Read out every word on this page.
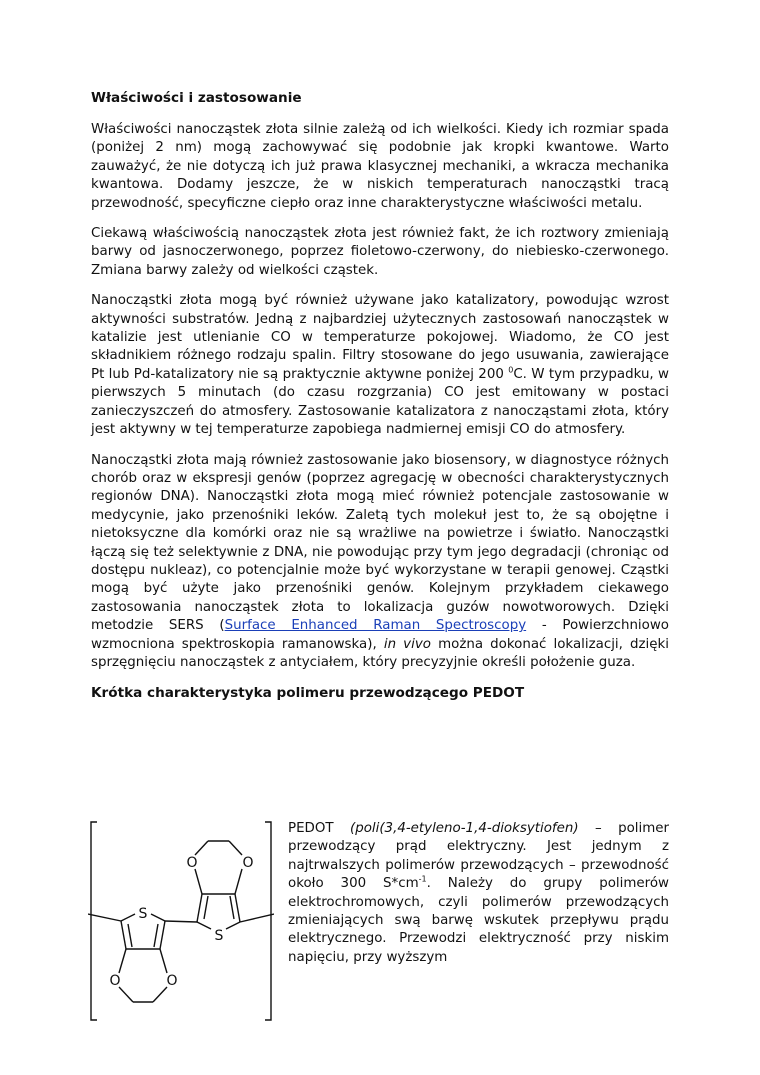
Właściwości i zastosowanie

Właściwości nanocząstek złota silnie zależą od ich wielkości. Kiedy ich rozmiar spada (poniżej 2 nm) mogą zachowywać się podobnie jak kropki kwantowe. Warto zauważyć, że nie dotyczą ich już prawa klasycznej mechaniki, a wkracza mechanika kwantowa. Dodamy jeszcze, że w niskich temperaturach nanocząstki tracą przewodność, specyficzne ciepło oraz inne charakterystyczne właściwości metalu.

Ciekawą właściwością nanocząstek złota jest również fakt, że ich roztwory zmieniają barwy od jasnoczerwonego, poprzez fioletowo-czerwony, do niebiesko-czerwonego. Zmiana barwy zależy od wielkości cząstek.

Nanocząstki złota mogą być również używane jako katalizatory, powodując wzrost aktywności substratów. Jedną z najbardziej użytecznych zastosowań nanocząstek w katalizie jest utlenianie CO w temperaturze pokojowej. Wiadomo, że CO jest składnikiem różnego rodzaju spalin. Filtry stosowane do jego usuwania, zawierające Pt lub Pd-katalizatory nie są praktycznie aktywne poniżej 200 $^0$C. W tym przypadku, w pierwszych 5 minutach (do czasu rozgrzania) CO jest emitowany w postaci zanieczyszczeń do atmosfery. Zastosowanie katalizatora z nanocząstami złota, który jest aktywny w tej temperaturze zapobiega nadmiernej emisji CO do atmosfery.

Nanocząstki złota mają również zastosowanie jako biosensory, w diagnostyce różnych chorób oraz w ekspresji genów (poprzez agregację w obecności charakterystycznych regionów DNA). Nanocząstki złota mogą mieć również potencjale zastosowanie w medycynie, jako przenośniki leków. Zaletą tych molekuł jest to, że są obojętne i nietoksyczne dla komórki oraz nie są wrażliwe na powietrze i światło. Nanocząstki łączą się też selektywnie z DNA, nie powodując przy tym jego degradacji (chroniąc od dostępu nukleaz), co potencjalnie może być wykorzystane w terapii genowej. Cząstki mogą być użyte jako przenośniki genów. Kolejnym przykładem ciekawego zastosowania nanocząstek złota to lokalizacja guzów nowotworowych. Dzięki metodzie SERS (Surface Enhanced Raman Spectroscopy - Powierzchniowo wzmocniona spektroskopia ramanowska), in vivo można dokonać lokalizacji, dzięki sprzęgnięciu nanocząstek z antyciałem, który precyzyjnie określi położenie guza.

Krótka charakterystyka polimeru przewodzącego PEDOT
S
S
O	O
O	O
PEDOT (poli(3,4-etyleno-1,4-dioksytiofen) – polimer przewodzący prąd elektryczny. Jest jednym z najtrwalszych polimerów przewodzących – przewodność około 300 $S*cm^{-1}$. Należy do grupy polimerów elektrochromowych, czyli polimerów przewodzących zmieniających swą barwę wskutek przepływu prądu elektrycznego. Przewodzi elektryczność przy niskim napięciu, przy wyższym
